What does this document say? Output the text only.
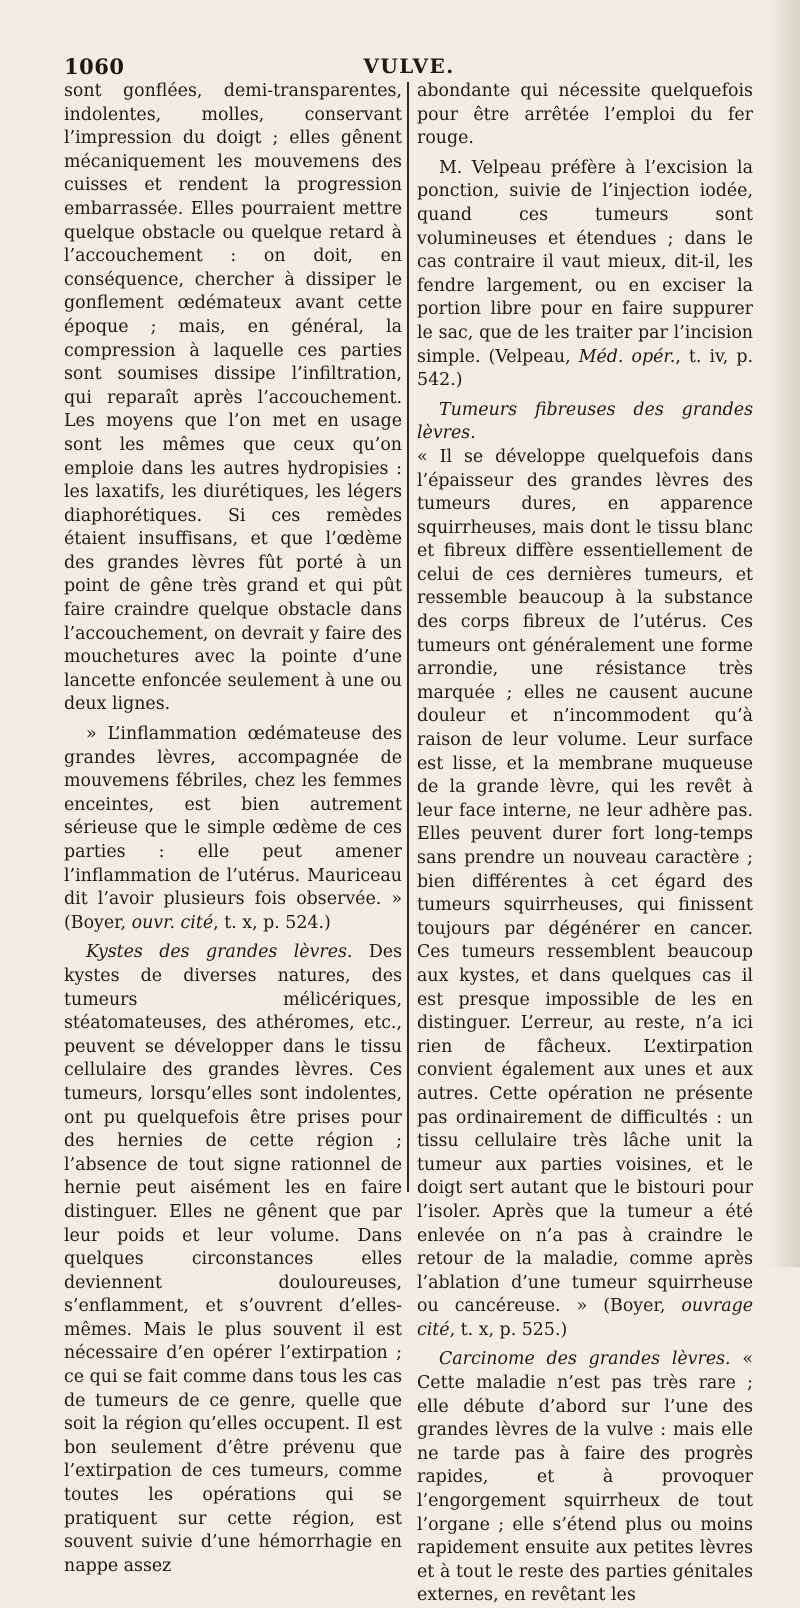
1060	VULVE.

sont gonflées, demi-transparentes, indolentes, molles, conservant l’impression du doigt ; elles gênent mécaniquement les mouvemens des cuisses et rendent la progression embarrassée. Elles pourraient mettre quelque obstacle ou quelque retard à l’accouchement : on doit, en conséquence, chercher à dissiper le gonflement œdémateux avant cette époque ; mais, en général, la compression à laquelle ces parties sont soumises dissipe l’infiltration, qui reparaît après l’accouchement. Les moyens que l’on met en usage sont les mêmes que ceux qu’on emploie dans les autres hydropisies : les laxatifs, les diurétiques, les légers diaphorétiques. Si ces remèdes étaient insuffisans, et que l’œdème des grandes lèvres fût porté à un point de gêne très grand et qui pût faire craindre quelque obstacle dans l’accouchement, on devrait y faire des mouchetures avec la pointe d’une lancette enfoncée seulement à une ou deux lignes.

» L’inflammation œdémateuse des grandes lèvres, accompagnée de mouvemens fébriles, chez les femmes enceintes, est bien autrement sérieuse que le simple œdème de ces parties : elle peut amener l’inflammation de l’utérus. Mauriceau dit l’avoir plusieurs fois observée. » (Boyer, ouvr. cité, t. x, p. 524.)

Kystes des grandes lèvres. Des kystes de diverses natures, des tumeurs mélicériques, stéatomateuses, des athéromes, etc., peuvent se développer dans le tissu cellulaire des grandes lèvres. Ces tumeurs, lorsqu’elles sont indolentes, ont pu quelquefois être prises pour des hernies de cette région ; l’absence de tout signe rationnel de hernie peut aisément les en faire distinguer. Elles ne gênent que par leur poids et leur volume. Dans quelques circonstances elles deviennent douloureuses, s’enflamment, et s’ouvrent d’elles-mêmes. Mais le plus souvent il est nécessaire d’en opérer l’extirpation ; ce qui se fait comme dans tous les cas de tumeurs de ce genre, quelle que soit la région qu’elles occupent. Il est bon seulement d’être prévenu que l’extirpation de ces tumeurs, comme toutes les opérations qui se pratiquent sur cette région, est souvent suivie d’une hémorrhagie en nappe assez

abondante qui nécessite quelquefois pour être arrêtée l’emploi du fer rouge.

M. Velpeau préfère à l’excision la ponction, suivie de l’injection iodée, quand ces tumeurs sont volumineuses et étendues ; dans le cas contraire il vaut mieux, dit-il, les fendre largement, ou en exciser la portion libre pour en faire suppurer le sac, que de les traiter par l’incision simple. (Velpeau, Méd. opér., t. iv, p. 542.)

Tumeurs fibreuses des grandes lèvres.

« Il se développe quelquefois dans l’épaisseur des grandes lèvres des tumeurs dures, en apparence squirrheuses, mais dont le tissu blanc et fibreux diffère essentiellement de celui de ces dernières tumeurs, et ressemble beaucoup à la substance des corps fibreux de l’utérus. Ces tumeurs ont généralement une forme arrondie, une résistance très marquée ; elles ne causent aucune douleur et n’incommodent qu’à raison de leur volume. Leur surface est lisse, et la membrane muqueuse de la grande lèvre, qui les revêt à leur face interne, ne leur adhère pas. Elles peuvent durer fort long-temps sans prendre un nouveau caractère ; bien différentes à cet égard des tumeurs squirrheuses, qui finissent toujours par dégénérer en cancer. Ces tumeurs ressemblent beaucoup aux kystes, et dans quelques cas il est presque impossible de les en distinguer. L’erreur, au reste, n’a ici rien de fâcheux. L’extirpation convient également aux unes et aux autres. Cette opération ne présente pas ordinairement de difficultés : un tissu cellulaire très lâche unit la tumeur aux parties voisines, et le doigt sert autant que le bistouri pour l’isoler. Après que la tumeur a été enlevée on n’a pas à craindre le retour de la maladie, comme après l’ablation d’une tumeur squirrheuse ou cancéreuse. » (Boyer, ouvrage cité, t. x, p. 525.)

Carcinome des grandes lèvres. « Cette maladie n’est pas très rare ; elle débute d’abord sur l’une des grandes lèvres de la vulve : mais elle ne tarde pas à faire des progrès rapides, et à provoquer l’engorgement squirrheux de tout l’organe ; elle s’étend plus ou moins rapidement ensuite aux petites lèvres et à tout le reste des parties génitales externes, en revêtant les
